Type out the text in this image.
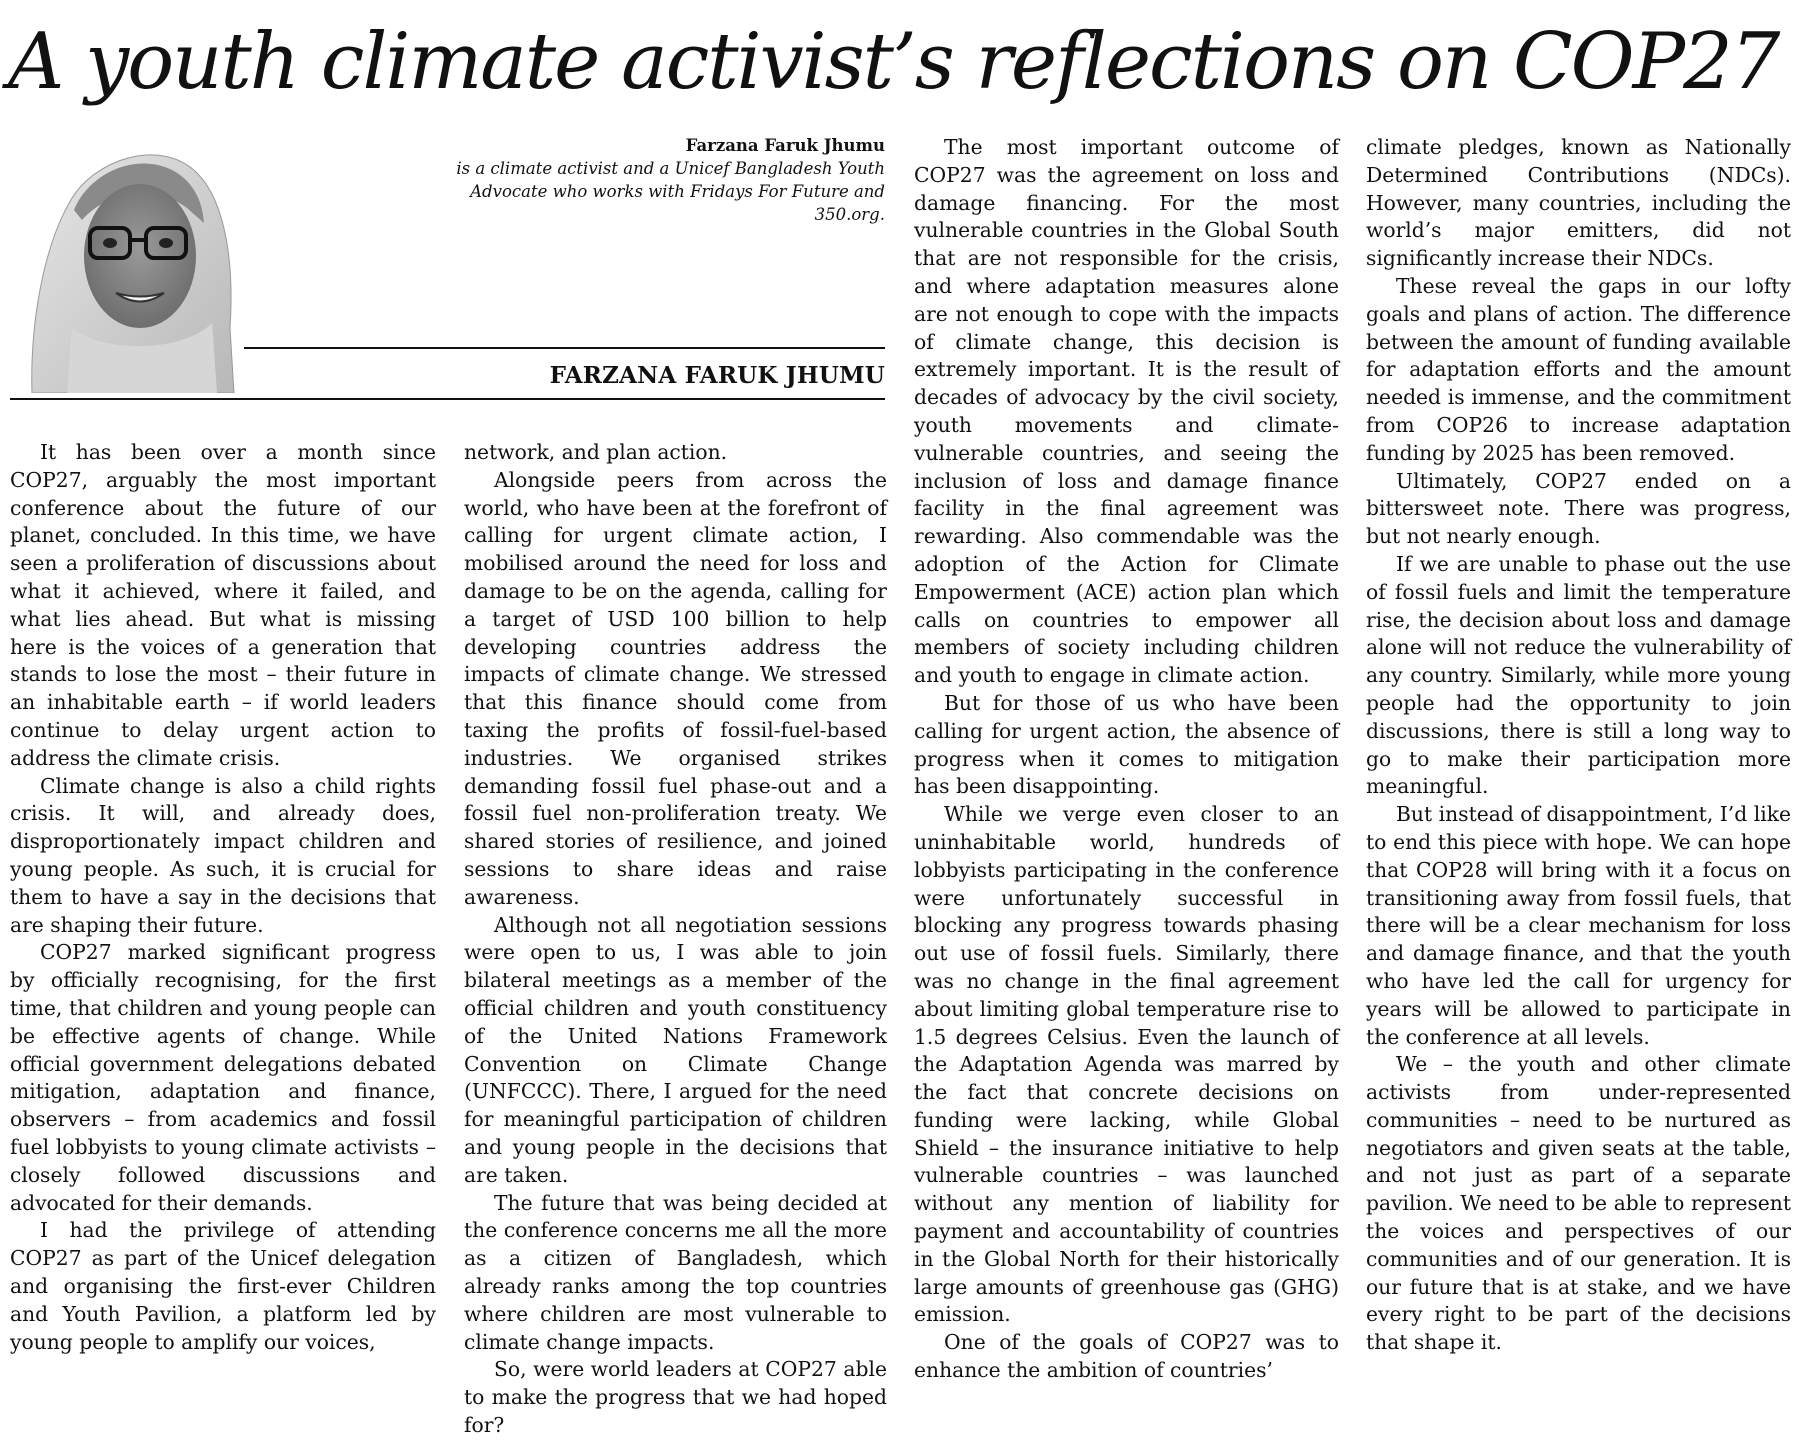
A youth climate activist’s reflections on COP27
Farzana Faruk Jhumu
is a climate activist and a Unicef Bangladesh Youth Advocate who works with Fridays For Future and 350.org.
FARZANA FARUK JHUMU

It has been over a month since COP27, arguably the most important conference about the future of our planet, concluded. In this time, we have seen a proliferation of discussions about what it achieved, where it failed, and what lies ahead. But what is missing here is the voices of a generation that stands to lose the most – their future in an inhabitable earth – if world leaders continue to delay urgent action to address the climate crisis.

Climate change is also a child rights crisis. It will, and already does, disproportionately impact children and young people. As such, it is crucial for them to have a say in the decisions that are shaping their future.

COP27 marked significant progress by officially recognising, for the first time, that children and young people can be effective agents of change. While official government delegations debated mitigation, adaptation and finance, observers – from academics and fossil fuel lobbyists to young climate activists – closely followed discussions and advocated for their demands.

I had the privilege of attending COP27 as part of the Unicef delegation and organising the first-ever Children and Youth Pavilion, a platform led by young people to amplify our voices,

network, and plan action.

Alongside peers from across the world, who have been at the forefront of calling for urgent climate action, I mobilised around the need for loss and damage to be on the agenda, calling for a target of USD 100 billion to help developing countries address the impacts of climate change. We stressed that this finance should come from taxing the profits of fossil-fuel-based industries. We organised strikes demanding fossil fuel phase-out and a fossil fuel non-proliferation treaty. We shared stories of resilience, and joined sessions to share ideas and raise awareness.

Although not all negotiation sessions were open to us, I was able to join bilateral meetings as a member of the official children and youth constituency of the United Nations Framework Convention on Climate Change (UNFCCC). There, I argued for the need for meaningful participation of children and young people in the decisions that are taken.

The future that was being decided at the conference concerns me all the more as a citizen of Bangladesh, which already ranks among the top countries where children are most vulnerable to climate change impacts.

So, were world leaders at COP27 able to make the progress that we had hoped for?

The most important outcome of COP27 was the agreement on loss and damage financing. For the most vulnerable countries in the Global South that are not responsible for the crisis, and where adaptation measures alone are not enough to cope with the impacts of climate change, this decision is extremely important. It is the result of decades of advocacy by the civil society, youth movements and climate-vulnerable countries, and seeing the inclusion of loss and damage finance facility in the final agreement was rewarding. Also commendable was the adoption of the Action for Climate Empowerment (ACE) action plan which calls on countries to empower all members of society including children and youth to engage in climate action.

But for those of us who have been calling for urgent action, the absence of progress when it comes to mitigation has been disappointing.

While we verge even closer to an uninhabitable world, hundreds of lobbyists participating in the conference were unfortunately successful in blocking any progress towards phasing out use of fossil fuels. Similarly, there was no change in the final agreement about limiting global temperature rise to 1.5 degrees Celsius. Even the launch of the Adaptation Agenda was marred by the fact that concrete decisions on funding were lacking, while Global Shield – the insurance initiative to help vulnerable countries – was launched without any mention of liability for payment and accountability of countries in the Global North for their historically large amounts of greenhouse gas (GHG) emission.

One of the goals of COP27 was to enhance the ambition of countries’

climate pledges, known as Nationally Determined Contributions (NDCs). However, many countries, including the world’s major emitters, did not significantly increase their NDCs.

These reveal the gaps in our lofty goals and plans of action. The difference between the amount of funding available for adaptation efforts and the amount needed is immense, and the commitment from COP26 to increase adaptation funding by 2025 has been removed.

Ultimately, COP27 ended on a bittersweet note. There was progress, but not nearly enough.

If we are unable to phase out the use of fossil fuels and limit the temperature rise, the decision about loss and damage alone will not reduce the vulnerability of any country. Similarly, while more young people had the opportunity to join discussions, there is still a long way to go to make their participation more meaningful.

But instead of disappointment, I’d like to end this piece with hope. We can hope that COP28 will bring with it a focus on transitioning away from fossil fuels, that there will be a clear mechanism for loss and damage finance, and that the youth who have led the call for urgency for years will be allowed to participate in the conference at all levels.

We – the youth and other climate activists from under-represented communities – need to be nurtured as negotiators and given seats at the table, and not just as part of a separate pavilion. We need to be able to represent the voices and perspectives of our communities and of our generation. It is our future that is at stake, and we have every right to be part of the decisions that shape it.
